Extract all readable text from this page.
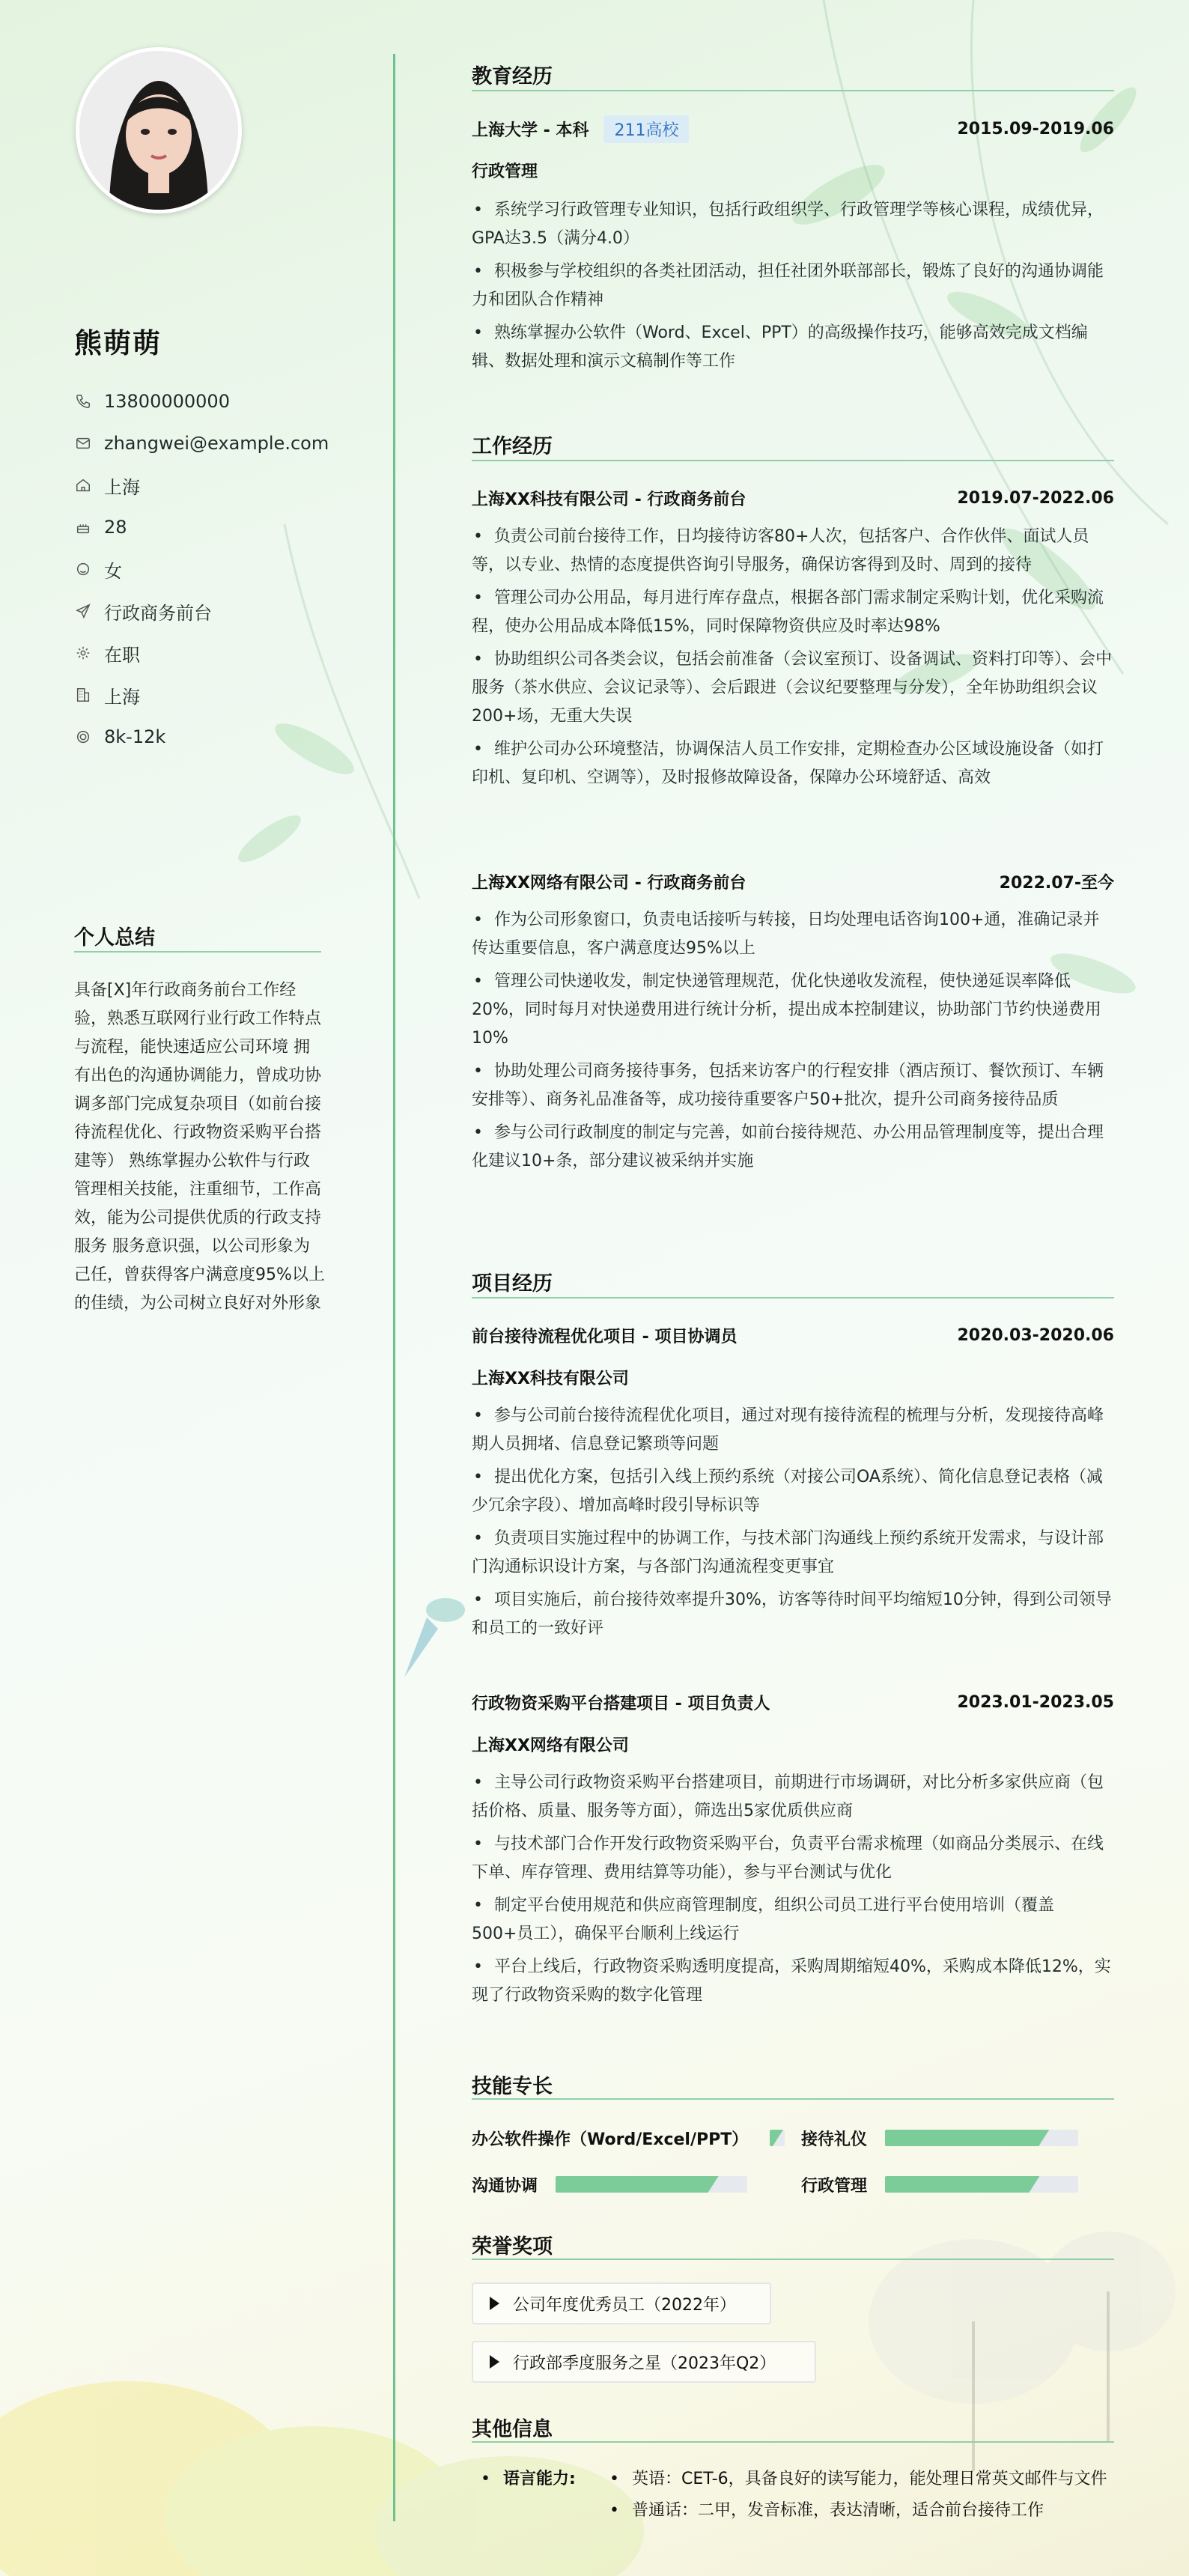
熊萌萌
13800000000
zhangwei@example.com
上海
28
女
行政商务前台
在职
上海
8k-12k
个人总结
具备[X]年行政商务前台工作经验，熟悉互联网行业行政工作特点与流程，能快速适应公司环境 拥有出色的沟通协调能力，曾成功协调多部门完成复杂项目（如前台接待流程优化、行政物资采购平台搭建等） 熟练掌握办公软件与行政管理相关技能，注重细节，工作高效，能为公司提供优质的行政支持服务 服务意识强，以公司形象为己任，曾获得客户满意度95%以上的佳绩，为公司树立良好对外形象
教育经历
上海大学 - 本科 211高校	2015.09-2019.06
行政管理
• 系统学习行政管理专业知识，包括行政组织学、行政管理学等核心课程，成绩优异，GPA达3.5（满分4.0）
• 积极参与学校组织的各类社团活动，担任社团外联部部长，锻炼了良好的沟通协调能力和团队合作精神
• 熟练掌握办公软件（Word、Excel、PPT）的高级操作技巧，能够高效完成文档编辑、数据处理和演示文稿制作等工作
工作经历
上海XX科技有限公司 - 行政商务前台	2019.07-2022.06
• 负责公司前台接待工作，日均接待访客80+人次，包括客户、合作伙伴、面试人员等，以专业、热情的态度提供咨询引导服务，确保访客得到及时、周到的接待
• 管理公司办公用品，每月进行库存盘点，根据各部门需求制定采购计划，优化采购流程，使办公用品成本降低15%，同时保障物资供应及时率达98%
• 协助组织公司各类会议，包括会前准备（会议室预订、设备调试、资料打印等）、会中服务（茶水供应、会议记录等）、会后跟进（会议纪要整理与分发），全年协助组织会议200+场，无重大失误
• 维护公司办公环境整洁，协调保洁人员工作安排，定期检查办公区域设施设备（如打印机、复印机、空调等），及时报修故障设备，保障办公环境舒适、高效
上海XX网络有限公司 - 行政商务前台	2022.07-至今
• 作为公司形象窗口，负责电话接听与转接，日均处理电话咨询100+通，准确记录并传达重要信息，客户满意度达95%以上
• 管理公司快递收发，制定快递管理规范，优化快递收发流程，使快递延误率降低20%，同时每月对快递费用进行统计分析，提出成本控制建议，协助部门节约快递费用10%
• 协助处理公司商务接待事务，包括来访客户的行程安排（酒店预订、餐饮预订、车辆安排等）、商务礼品准备等，成功接待重要客户50+批次，提升公司商务接待品质
• 参与公司行政制度的制定与完善，如前台接待规范、办公用品管理制度等，提出合理化建议10+条，部分建议被采纳并实施
项目经历
前台接待流程优化项目 - 项目协调员	2020.03-2020.06
上海XX科技有限公司
• 参与公司前台接待流程优化项目，通过对现有接待流程的梳理与分析，发现接待高峰期人员拥堵、信息登记繁琐等问题
• 提出优化方案，包括引入线上预约系统（对接公司OA系统）、简化信息登记表格（减少冗余字段）、增加高峰时段引导标识等
• 负责项目实施过程中的协调工作，与技术部门沟通线上预约系统开发需求，与设计部门沟通标识设计方案，与各部门沟通流程变更事宜
• 项目实施后，前台接待效率提升30%，访客等待时间平均缩短10分钟，得到公司领导和员工的一致好评
行政物资采购平台搭建项目 - 项目负责人	2023.01-2023.05
上海XX网络有限公司
• 主导公司行政物资采购平台搭建项目，前期进行市场调研，对比分析多家供应商（包括价格、质量、服务等方面），筛选出5家优质供应商
• 与技术部门合作开发行政物资采购平台，负责平台需求梳理（如商品分类展示、在线下单、库存管理、费用结算等功能），参与平台测试与优化
• 制定平台使用规范和供应商管理制度，组织公司员工进行平台使用培训（覆盖500+员工），确保平台顺利上线运行
• 平台上线后，行政物资采购透明度提高，采购周期缩短40%，采购成本降低12%，实现了行政物资采购的数字化管理
技能专长
办公软件操作（Word/Excel/PPT）	接待礼仪
沟通协调	行政管理
荣誉奖项
公司年度优秀员工（2022年）
行政部季度服务之星（2023年Q2）
其他信息
• 语言能力:	• 英语：CET-6，具备良好的读写能力，能处理日常英文邮件与文件
• 普通话：二甲，发音标准，表达清晰，适合前台接待工作
